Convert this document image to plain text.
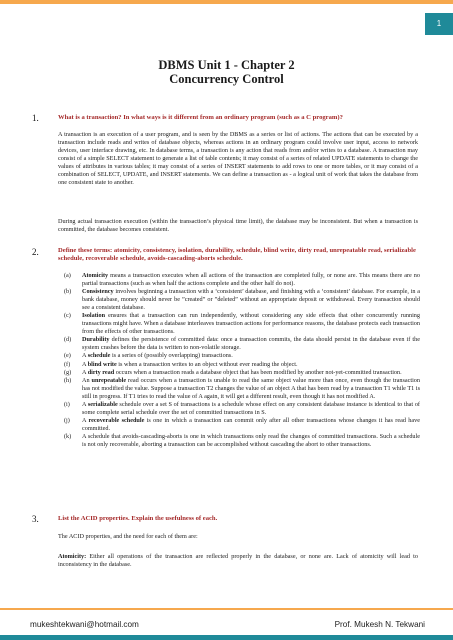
1
DBMS Unit 1 - Chapter 2
Concurrency Control
1.	What is a transaction? In what ways is it different from an ordinary program (such as a C program)?
A transaction is an execution of a user program, and is seen by the DBMS as a series or list of actions. The actions that can be executed by a transaction include reads and writes of database objects, whereas actions in an ordinary program could involve user input, access to network devices, user interface drawing, etc. In database terms, a transaction is any action that reads from and/or writes to a database. A transaction may consist of a simple SELECT statement to generate a list of table contents; it may consist of a series of related UPDATE statements to change the values of attributes in various tables; it may consist of a series of INSERT statements to add rows to one or more tables, or it may consist of a combination of SELECT, UPDATE, and INSERT statements. We can define a transaction as - a logical unit of work that takes the database from one consistent state to another.
During actual transaction execution (within the transaction’s physical time limit), the database may be inconsistent. But when a transaction is committed, the database becomes consistent.
2.	Define these terms: atomicity, consistency, isolation, durability, schedule, blind write, dirty read, unrepeatable read, serializable schedule, recoverable schedule, avoids-cascading-aborts schedule.
(a)	Atomicity means a transaction executes when all actions of the transaction are completed fully, or none are. This means there are no partial transactions (such as when half the actions complete and the other half do not).
(b)	Consistency involves beginning a transaction with a ‘consistent’ database, and finishing with a ‘consistent’ database. For example, in a bank database, money should never be ”created” or ”deleted” without an appropriate deposit or withdrawal. Every transaction should see a consistent database.
(c)	Isolation ensures that a transaction can run independently, without considering any side effects that other concurrently running transactions might have. When a database interleaves transaction actions for performance reasons, the database protects each transaction from the effects of other transactions.
(d)	Durability defines the persistence of committed data: once a transaction commits, the data should persist in the database even if the system crashes before the data is written to non-volatile storage.
(e)	A schedule is a series of (possibly overlapping) transactions.
(f)	A blind write is when a transaction writes to an object without ever reading the object.
(g)	A dirty read occurs when a transaction reads a database object that has been modified by another not-yet-committed transaction.
(h)	An unrepeatable read occurs when a transaction is unable to read the same object value more than once, even though the transaction has not modified the value. Suppose a transaction T2 changes the value of an object A that has been read by a transaction T1 while T1 is still in progress. If T1 tries to read the value of A again, it will get a different result, even though it has not modified A.
(i)	A serializable schedule over a set S of transactions is a schedule whose effect on any consistent database instance is identical to that of some complete serial schedule over the set of committed transactions in S.
(j)	A recoverable schedule is one in which a transaction can commit only after all other transactions whose changes it has read have committed.
(k)	A schedule that avoids-cascading-aborts is one in which transactions only read the changes of committed transactions. Such a schedule is not only recoverable, aborting a transaction can be accomplished without cascading the abort to other transactions.
3.	List the ACID properties. Explain the usefulness of each.
The ACID properties, and the need for each of them are:
Atomicity: Either all operations of the transaction are reflected properly in the database, or none are. Lack of atomicity will lead to inconsistency in the database.
mukeshtekwani@hotmail.com	Prof. Mukesh N. Tekwani
